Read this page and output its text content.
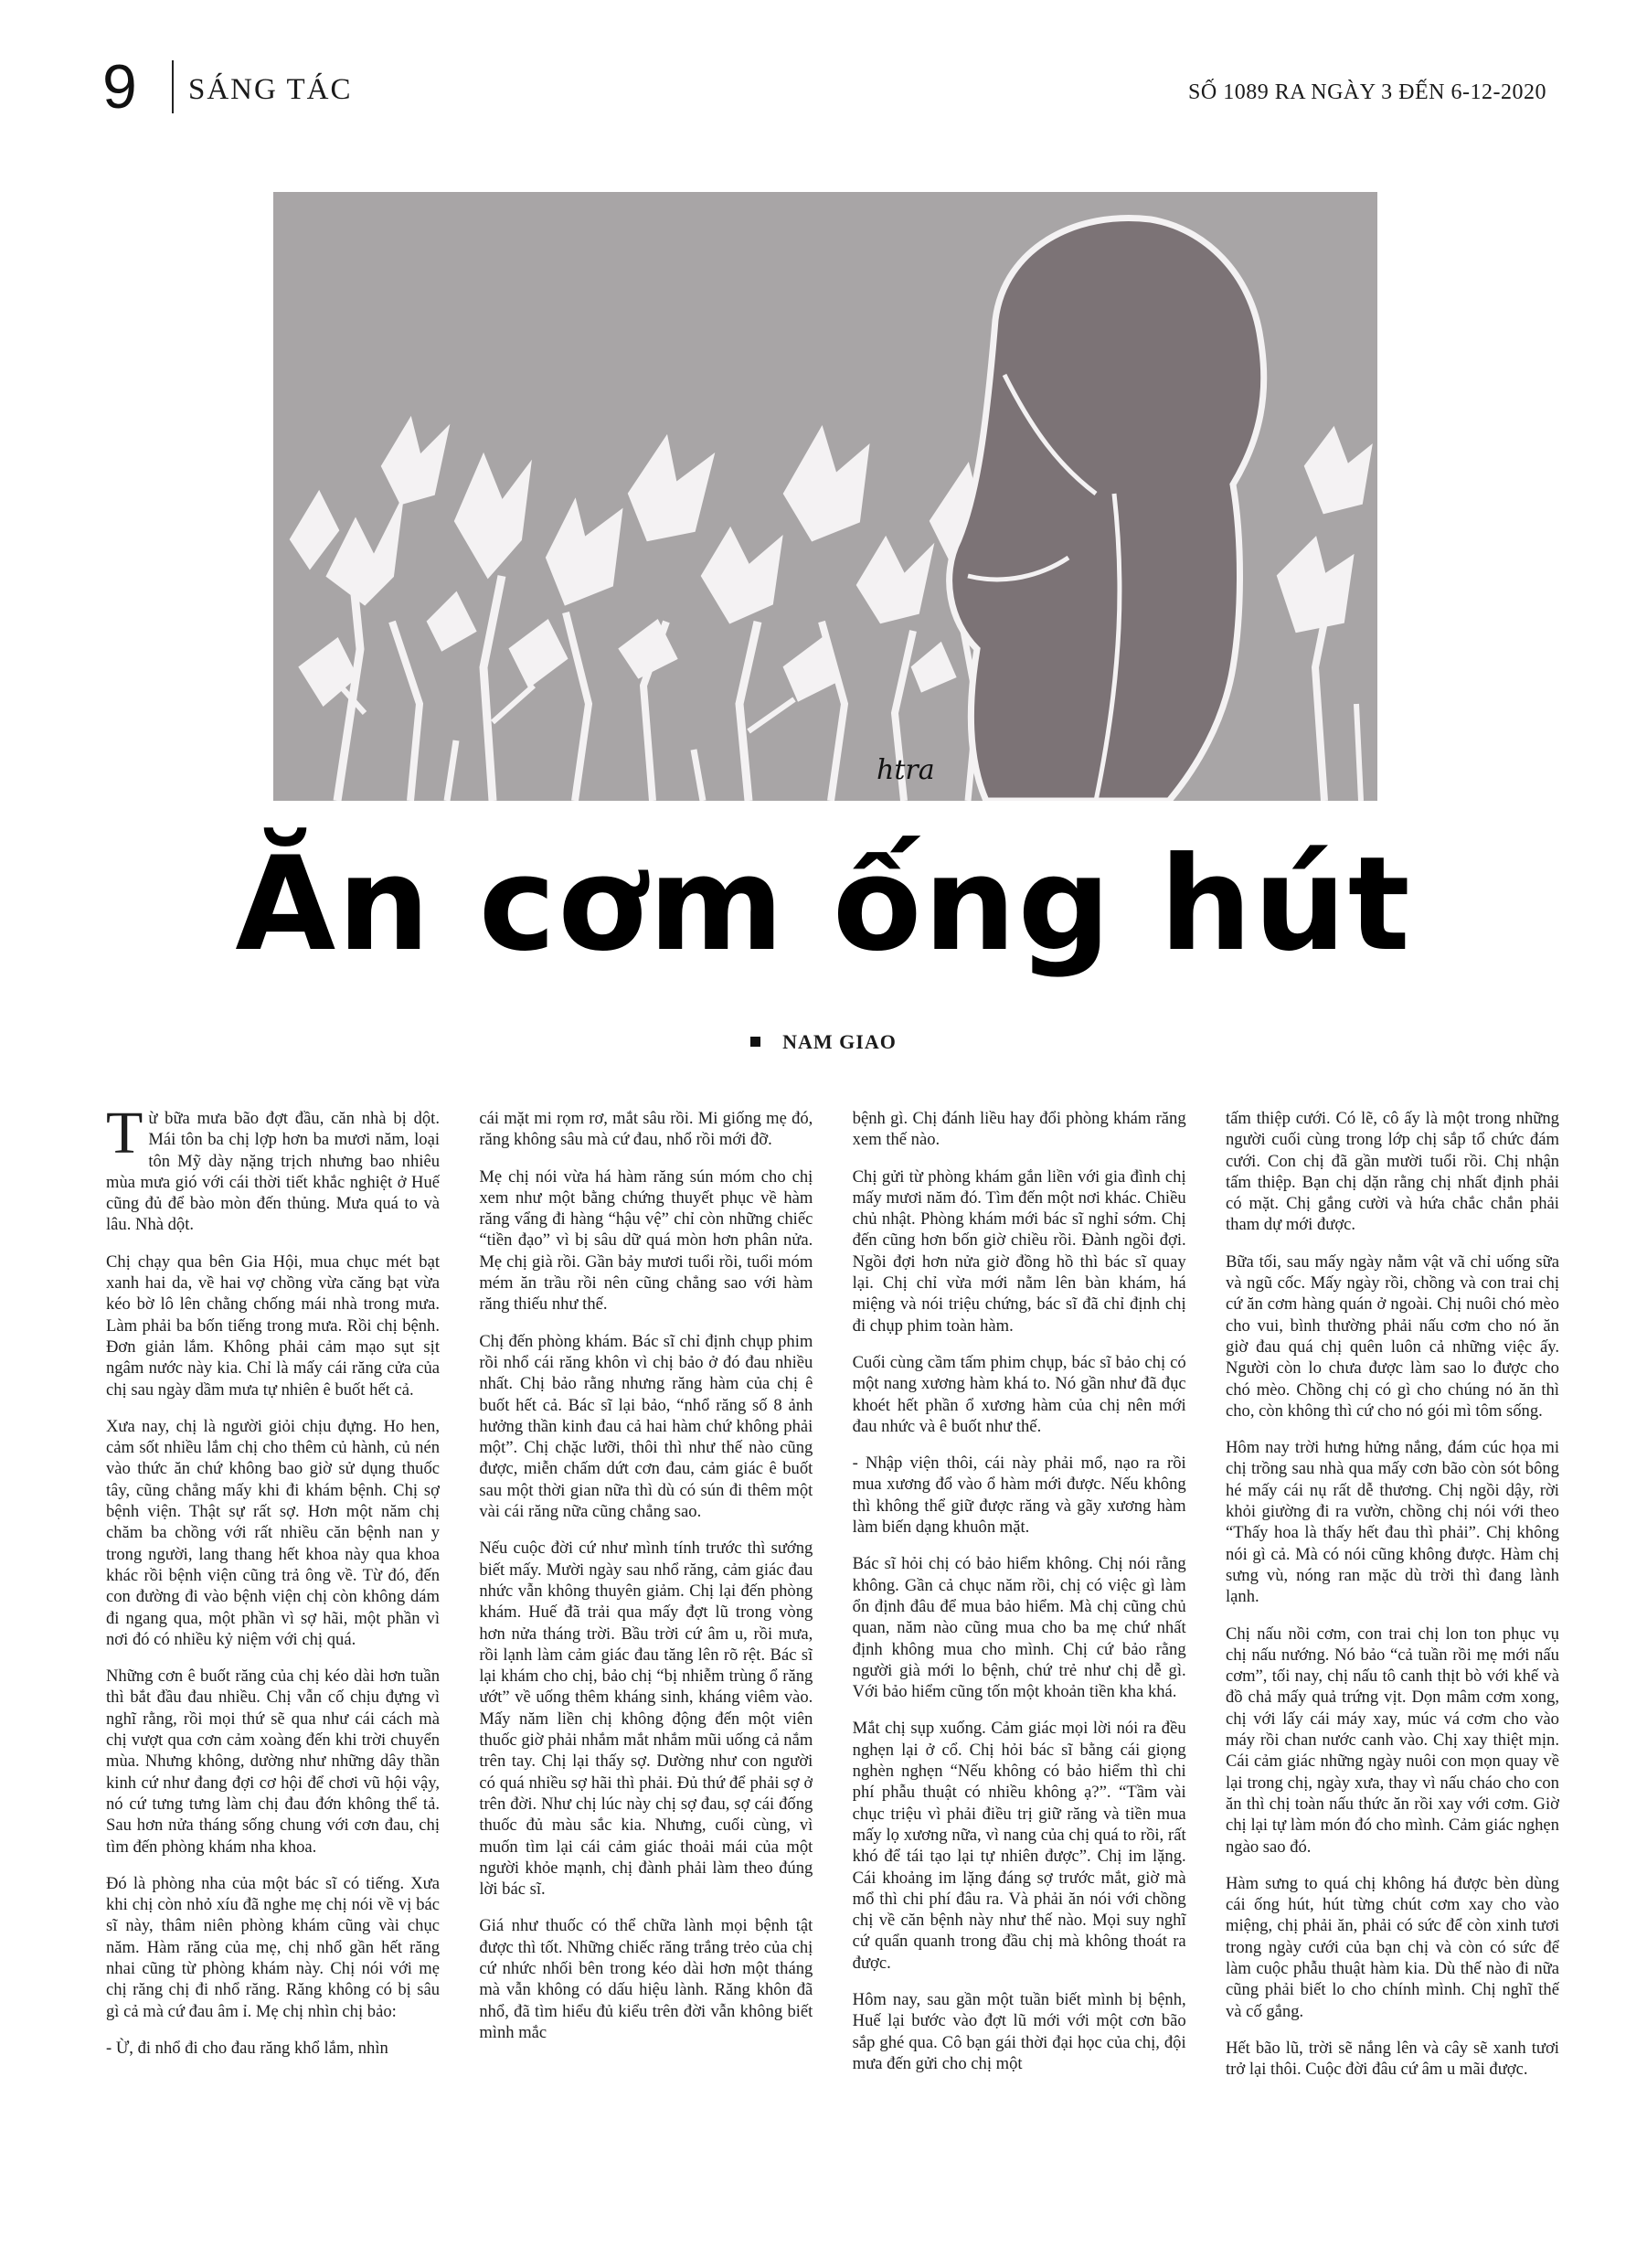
9 SÁNG TÁC	SỐ 1089 RA NGÀY 3 ĐẾN 6-12-2020
htra
Ăn cơm ống hút
NAM GIAO

Từ bữa mưa bão đợt đầu, căn nhà bị dột. Mái tôn ba chị lợp hơn ba mươi năm, loại tôn Mỹ dày nặng trịch nhưng bao nhiêu mùa mưa gió với cái thời tiết khắc nghiệt ở Huế cũng đủ để bào mòn đến thủng. Mưa quá to và lâu. Nhà dột.

Chị chạy qua bên Gia Hội, mua chục mét bạt xanh hai da, về hai vợ chồng vừa căng bạt vừa kéo bờ lô lên chằng chống mái nhà trong mưa. Làm phải ba bốn tiếng trong mưa. Rồi chị bệnh. Đơn giản lắm. Không phải cảm mạo sụt sịt ngâm nước này kia. Chỉ là mấy cái răng cửa của chị sau ngày dầm mưa tự nhiên ê buốt hết cả.

Xưa nay, chị là người giỏi chịu đựng. Ho hen, cảm sốt nhiều lắm chị cho thêm củ hành, củ nén vào thức ăn chứ không bao giờ sử dụng thuốc tây, cũng chẳng mấy khi đi khám bệnh. Chị sợ bệnh viện. Thật sự rất sợ. Hơn một năm chị chăm ba chồng với rất nhiều căn bệnh nan y trong người, lang thang hết khoa này qua khoa khác rồi bệnh viện cũng trả ông về. Từ đó, đến con đường đi vào bệnh viện chị còn không dám đi ngang qua, một phần vì sợ hãi, một phần vì nơi đó có nhiều kỷ niệm với chị quá.

Những cơn ê buốt răng của chị kéo dài hơn tuần thì bắt đầu đau nhiều. Chị vẫn cố chịu đựng vì nghĩ rằng, rồi mọi thứ sẽ qua như cái cách mà chị vượt qua cơn cảm xoàng đến khi trời chuyển mùa. Nhưng không, dường như những dây thần kinh cứ như đang đợi cơ hội để chơi vũ hội vậy, nó cứ tưng tưng làm chị đau đớn không thể tả. Sau hơn nửa tháng sống chung với cơn đau, chị tìm đến phòng khám nha khoa.

Đó là phòng nha của một bác sĩ có tiếng. Xưa khi chị còn nhỏ xíu đã nghe mẹ chị nói về vị bác sĩ này, thâm niên phòng khám cũng vài chục năm. Hàm răng của mẹ, chị nhổ gần hết răng nhai cũng từ phòng khám này. Chị nói với mẹ chị răng chị đi nhổ răng. Răng không có bị sâu gì cả mà cứ đau âm ỉ. Mẹ chị nhìn chị bảo:

- Ừ, đi nhổ đi cho đau răng khổ lắm, nhìn

cái mặt mi rọm rơ, mắt sâu rồi. Mi giống mẹ đó, răng không sâu mà cứ đau, nhổ rồi mới đỡ.

Mẹ chị nói vừa há hàm răng sún móm cho chị xem như một bằng chứng thuyết phục về hàm răng vẩng đi hàng “hậu vệ” chỉ còn những chiếc “tiền đạo” vì bị sâu dữ quá mòn hơn phân nửa. Mẹ chị già rồi. Gần bảy mươi tuổi rồi, tuổi móm mém ăn trầu rồi nên cũng chẳng sao với hàm răng thiếu như thế.

Chị đến phòng khám. Bác sĩ chỉ định chụp phim rồi nhổ cái răng khôn vì chị bảo ở đó đau nhiều nhất. Chị bảo rằng nhưng răng hàm của chị ê buốt hết cả. Bác sĩ lại bảo, “nhổ răng số 8 ảnh hưởng thần kinh đau cả hai hàm chứ không phải một”. Chị chặc lưỡi, thôi thì như thế nào cũng được, miễn chấm dứt cơn đau, cảm giác ê buốt sau một thời gian nữa thì dù có sún đi thêm một vài cái răng nữa cũng chẳng sao.

Nếu cuộc đời cứ như mình tính trước thì sướng biết mấy. Mười ngày sau nhổ răng, cảm giác đau nhức vẫn không thuyên giảm. Chị lại đến phòng khám. Huế đã trải qua mấy đợt lũ trong vòng hơn nửa tháng trời. Bầu trời cứ âm u, rồi mưa, rồi lạnh làm cảm giác đau tăng lên rõ rệt. Bác sĩ lại khám cho chị, bảo chị “bị nhiễm trùng ổ răng ướt” về uống thêm kháng sinh, kháng viêm vào. Mấy năm liền chị không động đến một viên thuốc giờ phải nhắm mắt nhắm mũi uống cả nắm trên tay. Chị lại thấy sợ. Dường như con người có quá nhiều sợ hãi thì phải. Đủ thứ để phải sợ ở trên đời. Như chị lúc này chị sợ đau, sợ cái đống thuốc đủ màu sắc kia. Nhưng, cuối cùng, vì muốn tìm lại cái cảm giác thoải mái của một người khỏe mạnh, chị đành phải làm theo đúng lời bác sĩ.

Giá như thuốc có thể chữa lành mọi bệnh tật được thì tốt. Những chiếc răng trắng trẻo của chị cứ nhức nhối bên trong kéo dài hơn một tháng mà vẫn không có dấu hiệu lành. Răng khôn đã nhổ, đã tìm hiểu đủ kiểu trên đời vẫn không biết mình mắc

bệnh gì. Chị đánh liều hay đổi phòng khám răng xem thế nào.

Chị gửi từ phòng khám gắn liền với gia đình chị mấy mươi năm đó. Tìm đến một nơi khác. Chiều chủ nhật. Phòng khám mới bác sĩ nghỉ sớm. Chị đến cũng hơn bốn giờ chiều rồi. Đành ngồi đợi. Ngồi đợi hơn nửa giờ đồng hồ thì bác sĩ quay lại. Chị chỉ vừa mới nằm lên bàn khám, há miệng và nói triệu chứng, bác sĩ đã chỉ định chị đi chụp phim toàn hàm.

Cuối cùng cầm tấm phim chụp, bác sĩ bảo chị có một nang xương hàm khá to. Nó gần như đã đục khoét hết phần ổ xương hàm của chị nên mới đau nhức và ê buốt như thế.

- Nhập viện thôi, cái này phải mổ, nạo ra rồi mua xương đổ vào ổ hàm mới được. Nếu không thì không thể giữ được răng và gãy xương hàm làm biến dạng khuôn mặt.

Bác sĩ hỏi chị có bảo hiểm không. Chị nói rằng không. Gần cả chục năm rồi, chị có việc gì làm ổn định đâu để mua bảo hiểm. Mà chị cũng chủ quan, năm nào cũng mua cho ba mẹ chứ nhất định không mua cho mình. Chị cứ bảo rằng người già mới lo bệnh, chứ trẻ như chị dễ gì. Với bảo hiểm cũng tốn một khoản tiền kha khá.

Mắt chị sụp xuống. Cảm giác mọi lời nói ra đều nghẹn lại ở cổ. Chị hỏi bác sĩ bằng cái giọng nghèn nghẹn “Nếu không có bảo hiểm thì chi phí phẫu thuật có nhiều không ạ?”. “Tầm vài chục triệu vì phải điều trị giữ răng và tiền mua mấy lọ xương nữa, vì nang của chị quá to rồi, rất khó để tái tạo lại tự nhiên được”. Chị im lặng. Cái khoảng im lặng đáng sợ trước mắt, giờ mà mổ thì chi phí đâu ra. Và phải ăn nói với chồng chị về căn bệnh này như thế nào. Mọi suy nghĩ cứ quẩn quanh trong đầu chị mà không thoát ra được.

Hôm nay, sau gần một tuần biết mình bị bệnh, Huế lại bước vào đợt lũ mới với một cơn bão sắp ghé qua. Cô bạn gái thời đại học của chị, đội mưa đến gửi cho chị một

tấm thiệp cưới. Có lẽ, cô ấy là một trong những người cuối cùng trong lớp chị sắp tổ chức đám cưới. Con chị đã gần mười tuổi rồi. Chị nhận tấm thiệp. Bạn chị dặn rằng chị nhất định phải có mặt. Chị gắng cười và hứa chắc chắn phải tham dự mới được.

Bữa tối, sau mấy ngày nằm vật vã chỉ uống sữa và ngũ cốc. Mấy ngày rồi, chồng và con trai chị cứ ăn cơm hàng quán ở ngoài. Chị nuôi chó mèo cho vui, bình thường phải nấu cơm cho nó ăn giờ đau quá chị quên luôn cả những việc ấy. Người còn lo chưa được làm sao lo được cho chó mèo. Chồng chị có gì cho chúng nó ăn thì cho, còn không thì cứ cho nó gói mì tôm sống.

Hôm nay trời hưng hửng nắng, đám cúc họa mi chị trồng sau nhà qua mấy cơn bão còn sót bông hé mấy cái nụ rất dễ thương. Chị ngồi dậy, rời khỏi giường đi ra vườn, chồng chị nói với theo “Thấy hoa là thấy hết đau thì phải”. Chị không nói gì cả. Mà có nói cũng không được. Hàm chị sưng vù, nóng ran mặc dù trời thì đang lành lạnh.

Chị nấu nồi cơm, con trai chị lon ton phục vụ chị nấu nướng. Nó bảo “cả tuần rồi mẹ mới nấu cơm”, tối nay, chị nấu tô canh thịt bò với khế và đồ chả mấy quả trứng vịt. Dọn mâm cơm xong, chị với lấy cái máy xay, múc vá cơm cho vào máy rồi chan nước canh vào. Chị xay thiệt mịn. Cái cảm giác những ngày nuôi con mọn quay về lại trong chị, ngày xưa, thay vì nấu cháo cho con ăn thì chị toàn nấu thức ăn rồi xay với cơm. Giờ chị lại tự làm món đó cho mình. Cảm giác nghẹn ngào sao đó.

Hàm sưng to quá chị không há được bèn dùng cái ống hút, hút từng chút cơm xay cho vào miệng, chị phải ăn, phải có sức để còn xinh tươi trong ngày cưới của bạn chị và còn có sức để làm cuộc phẫu thuật hàm kia. Dù thế nào đi nữa cũng phải biết lo cho chính mình. Chị nghĩ thế và cố gắng.

Hết bão lũ, trời sẽ nắng lên và cây sẽ xanh tươi trở lại thôi. Cuộc đời đâu cứ âm u mãi được.
